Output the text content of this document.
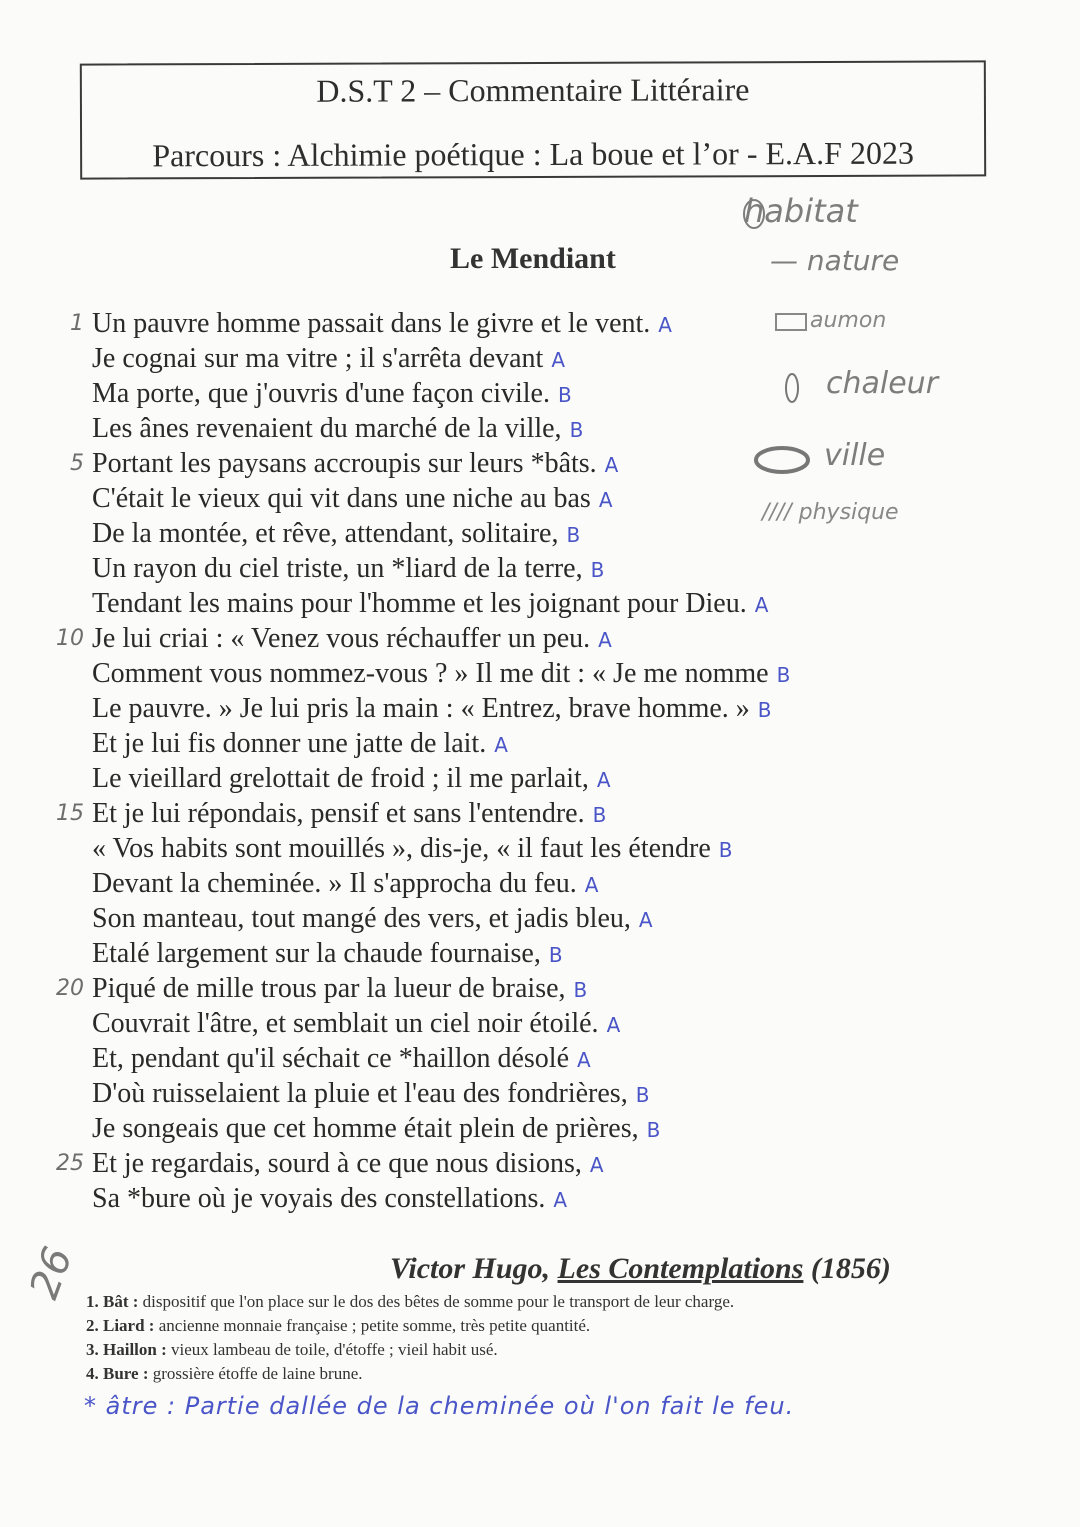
D.S.T 2 – Commentaire Littéraire
Parcours : Alchimie poétique : La boue et l’or - E.A.F 2023
habitat
— nature
aumon
chaleur
ville
//// physique
Le Mendiant
1 Un pauvre homme passait dans le givre et le vent. A
Je cognai sur ma vitre ; il s'arrêta devant A
Ma porte, que j'ouvris d'une façon civile. B
Les ânes revenaient du marché de la ville, B
5 Portant les paysans accroupis sur leurs *bâts. A
C'était le vieux qui vit dans une niche au bas A
De la montée, et rêve, attendant, solitaire, B
Un rayon du ciel triste, un *liard de la terre, B
Tendant les mains pour l'homme et les joignant pour Dieu. A
10 Je lui criai : « Venez vous réchauffer un peu. A
Comment vous nommez-vous ? » Il me dit : « Je me nomme B
Le pauvre. » Je lui pris la main : « Entrez, brave homme. » B
Et je lui fis donner une jatte de lait. A
Le vieillard grelottait de froid ; il me parlait, A
15 Et je lui répondais, pensif et sans l'entendre. B
« Vos habits sont mouillés », dis-je, « il faut les étendre B
Devant la cheminée. » Il s'approcha du feu. A
Son manteau, tout mangé des vers, et jadis bleu, A
Etalé largement sur la chaude fournaise, B
20 Piqué de mille trous par la lueur de braise, B
Couvrait l'âtre, et semblait un ciel noir étoilé. A
Et, pendant qu'il séchait ce *haillon désolé A
D'où ruisselaient la pluie et l'eau des fondrières, B
Je songeais que cet homme était plein de prières, B
25 Et je regardais, sourd à ce que nous disions, A
Sa *bure où je voyais des constellations. A
26	Victor Hugo, Les Contemplations (1856)
1. Bât : dispositif que l'on place sur le dos des bêtes de somme pour le transport de leur charge.
2. Liard : ancienne monnaie française ; petite somme, très petite quantité.
3. Haillon : vieux lambeau de toile, d'étoffe ; vieil habit usé.
4. Bure : grossière étoffe de laine brune.
* âtre : Partie dallée de la cheminée où l'on fait le feu.
